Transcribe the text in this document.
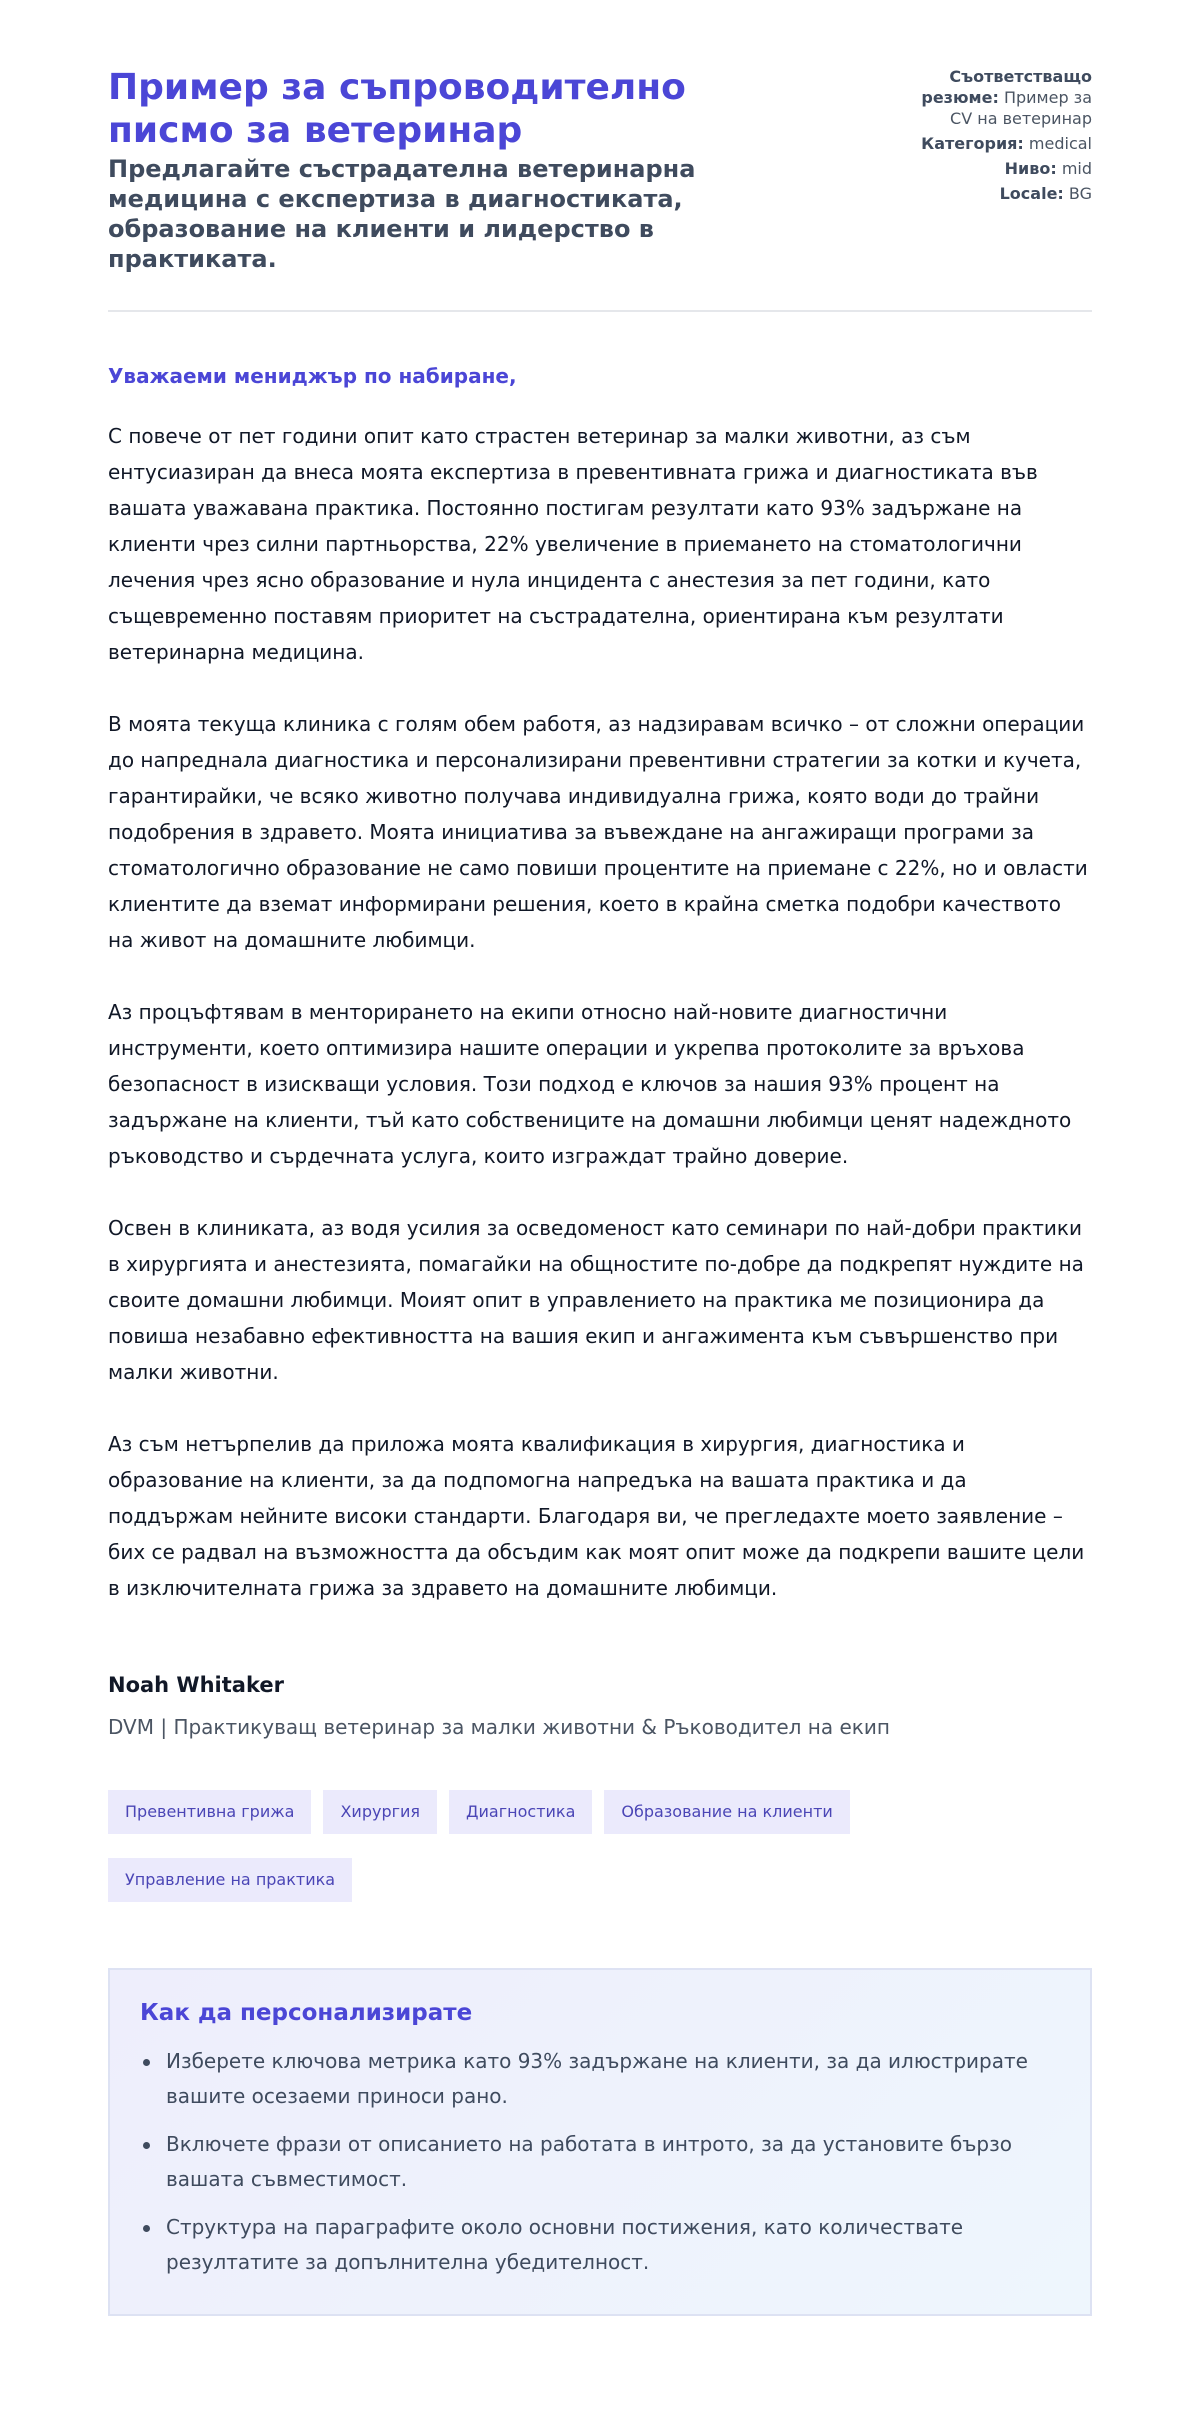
Пример за съпроводително писмо за ветеринар
Предлагайте състрадателна ветеринарна медицина с експертиза в диагностиката, образование на клиенти и лидерство в практиката.
Съответстващо резюме: Пример за CV на ветеринар
Категория: medical
Ниво: mid
Locale: BG

Уважаеми мениджър по набиране,

С повече от пет години опит като страстен ветеринар за малки животни, аз съм ентусиазиран да внеса моята експертиза в превентивната грижа и диагностиката във вашата уважавана практика. Постоянно постигам резултати като 93% задържане на клиенти чрез силни партньорства, 22% увеличение в приемането на стоматологични лечения чрез ясно образование и нула инцидента с анестезия за пет години, като същевременно поставям приоритет на състрадателна, ориентирана към резултати ветеринарна медицина.

В моята текуща клиника с голям обем работя, аз надзиравам всичко – от сложни операции до напреднала диагностика и персонализирани превентивни стратегии за котки и кучета, гарантирайки, че всяко животно получава индивидуална грижа, която води до трайни подобрения в здравето. Моята инициатива за въвеждане на ангажиращи програми за стоматологично образование не само повиши процентите на приемане с 22%, но и овласти клиентите да вземат информирани решения, което в крайна сметка подобри качеството на живот на домашните любимци.

Аз процъфтявам в менторирането на екипи относно най-новите диагностични инструменти, което оптимизира нашите операции и укрепва протоколите за връхова безопасност в изискващи условия. Този подход е ключов за нашия 93% процент на задържане на клиенти, тъй като собствениците на домашни любимци ценят надеждното ръководство и сърдечната услуга, които изграждат трайно доверие.

Освен в клиниката, аз водя усилия за осведоменост като семинари по най-добри практики в хирургията и анестезията, помагайки на общностите по-добре да подкрепят нуждите на своите домашни любимци. Моият опит в управлението на практика ме позиционира да повиша незабавно ефективността на вашия екип и ангажимента към съвършенство при малки животни.

Аз съм нетърпелив да приложа моята квалификация в хирургия, диагностика и образование на клиенти, за да подпомогна напредъка на вашата практика и да поддържам нейните високи стандарти. Благодаря ви, че прегледахте моето заявление – бих се радвал на възможността да обсъдим как моят опит може да подкрепи вашите цели в изключителната грижа за здравето на домашните любимци.

Noah Whitaker
DVM | Практикуващ ветеринар за малки животни & Ръководител на екип
Превентивна грижа	Хирургия	Диагностика	Образование на клиенти
Управление на практика
Как да персонализирате
Изберете ключова метрика като 93% задържане на клиенти, за да илюстрирате вашите осезаеми приноси рано.
Включете фрази от описанието на работата в интрото, за да установите бързо вашата съвместимост.
Структура на параграфите около основни постижения, като количествате резултатите за допълнителна убедителност.
